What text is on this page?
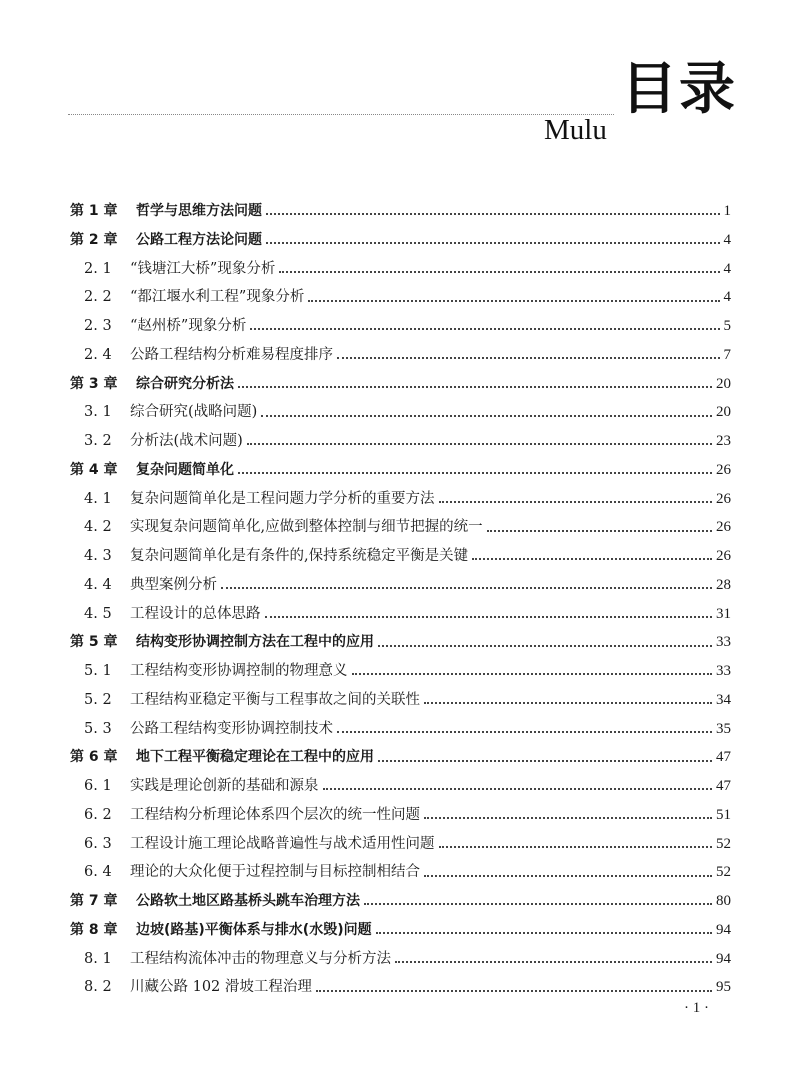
Mulu
目录
第 1 章	哲学与思维方法问题	1
第 2 章	公路工程方法论问题	4
2. 1	“钱塘江大桥”现象分析	4
2. 2	“都江堰水利工程”现象分析	4
2. 3	“赵州桥”现象分析	5
2. 4	公路工程结构分析难易程度排序	7
第 3 章	综合研究分析法	20
3. 1	综合研究(战略问题)	20
3. 2	分析法(战术问题)	23
第 4 章	复杂问题简单化	26
4. 1	复杂问题简单化是工程问题力学分析的重要方法	26
4. 2	实现复杂问题简单化,应做到整体控制与细节把握的统一	26
4. 3	复杂问题简单化是有条件的,保持系统稳定平衡是关键	26
4. 4	典型案例分析	28
4. 5	工程设计的总体思路	31
第 5 章	结构变形协调控制方法在工程中的应用	33
5. 1	工程结构变形协调控制的物理意义	33
5. 2	工程结构亚稳定平衡与工程事故之间的关联性	34
5. 3	公路工程结构变形协调控制技术	35
第 6 章	地下工程平衡稳定理论在工程中的应用	47
6. 1	实践是理论创新的基础和源泉	47
6. 2	工程结构分析理论体系四个层次的统一性问题	51
6. 3	工程设计施工理论战略普遍性与战术适用性问题	52
6. 4	理论的大众化便于过程控制与目标控制相结合	52
第 7 章	公路软土地区路基桥头跳车治理方法	80
第 8 章	边坡(路基)平衡体系与排水(水毁)问题	94
8. 1	工程结构流体冲击的物理意义与分析方法	94
8. 2	川藏公路 102 滑坡工程治理	95
· 1 ·
